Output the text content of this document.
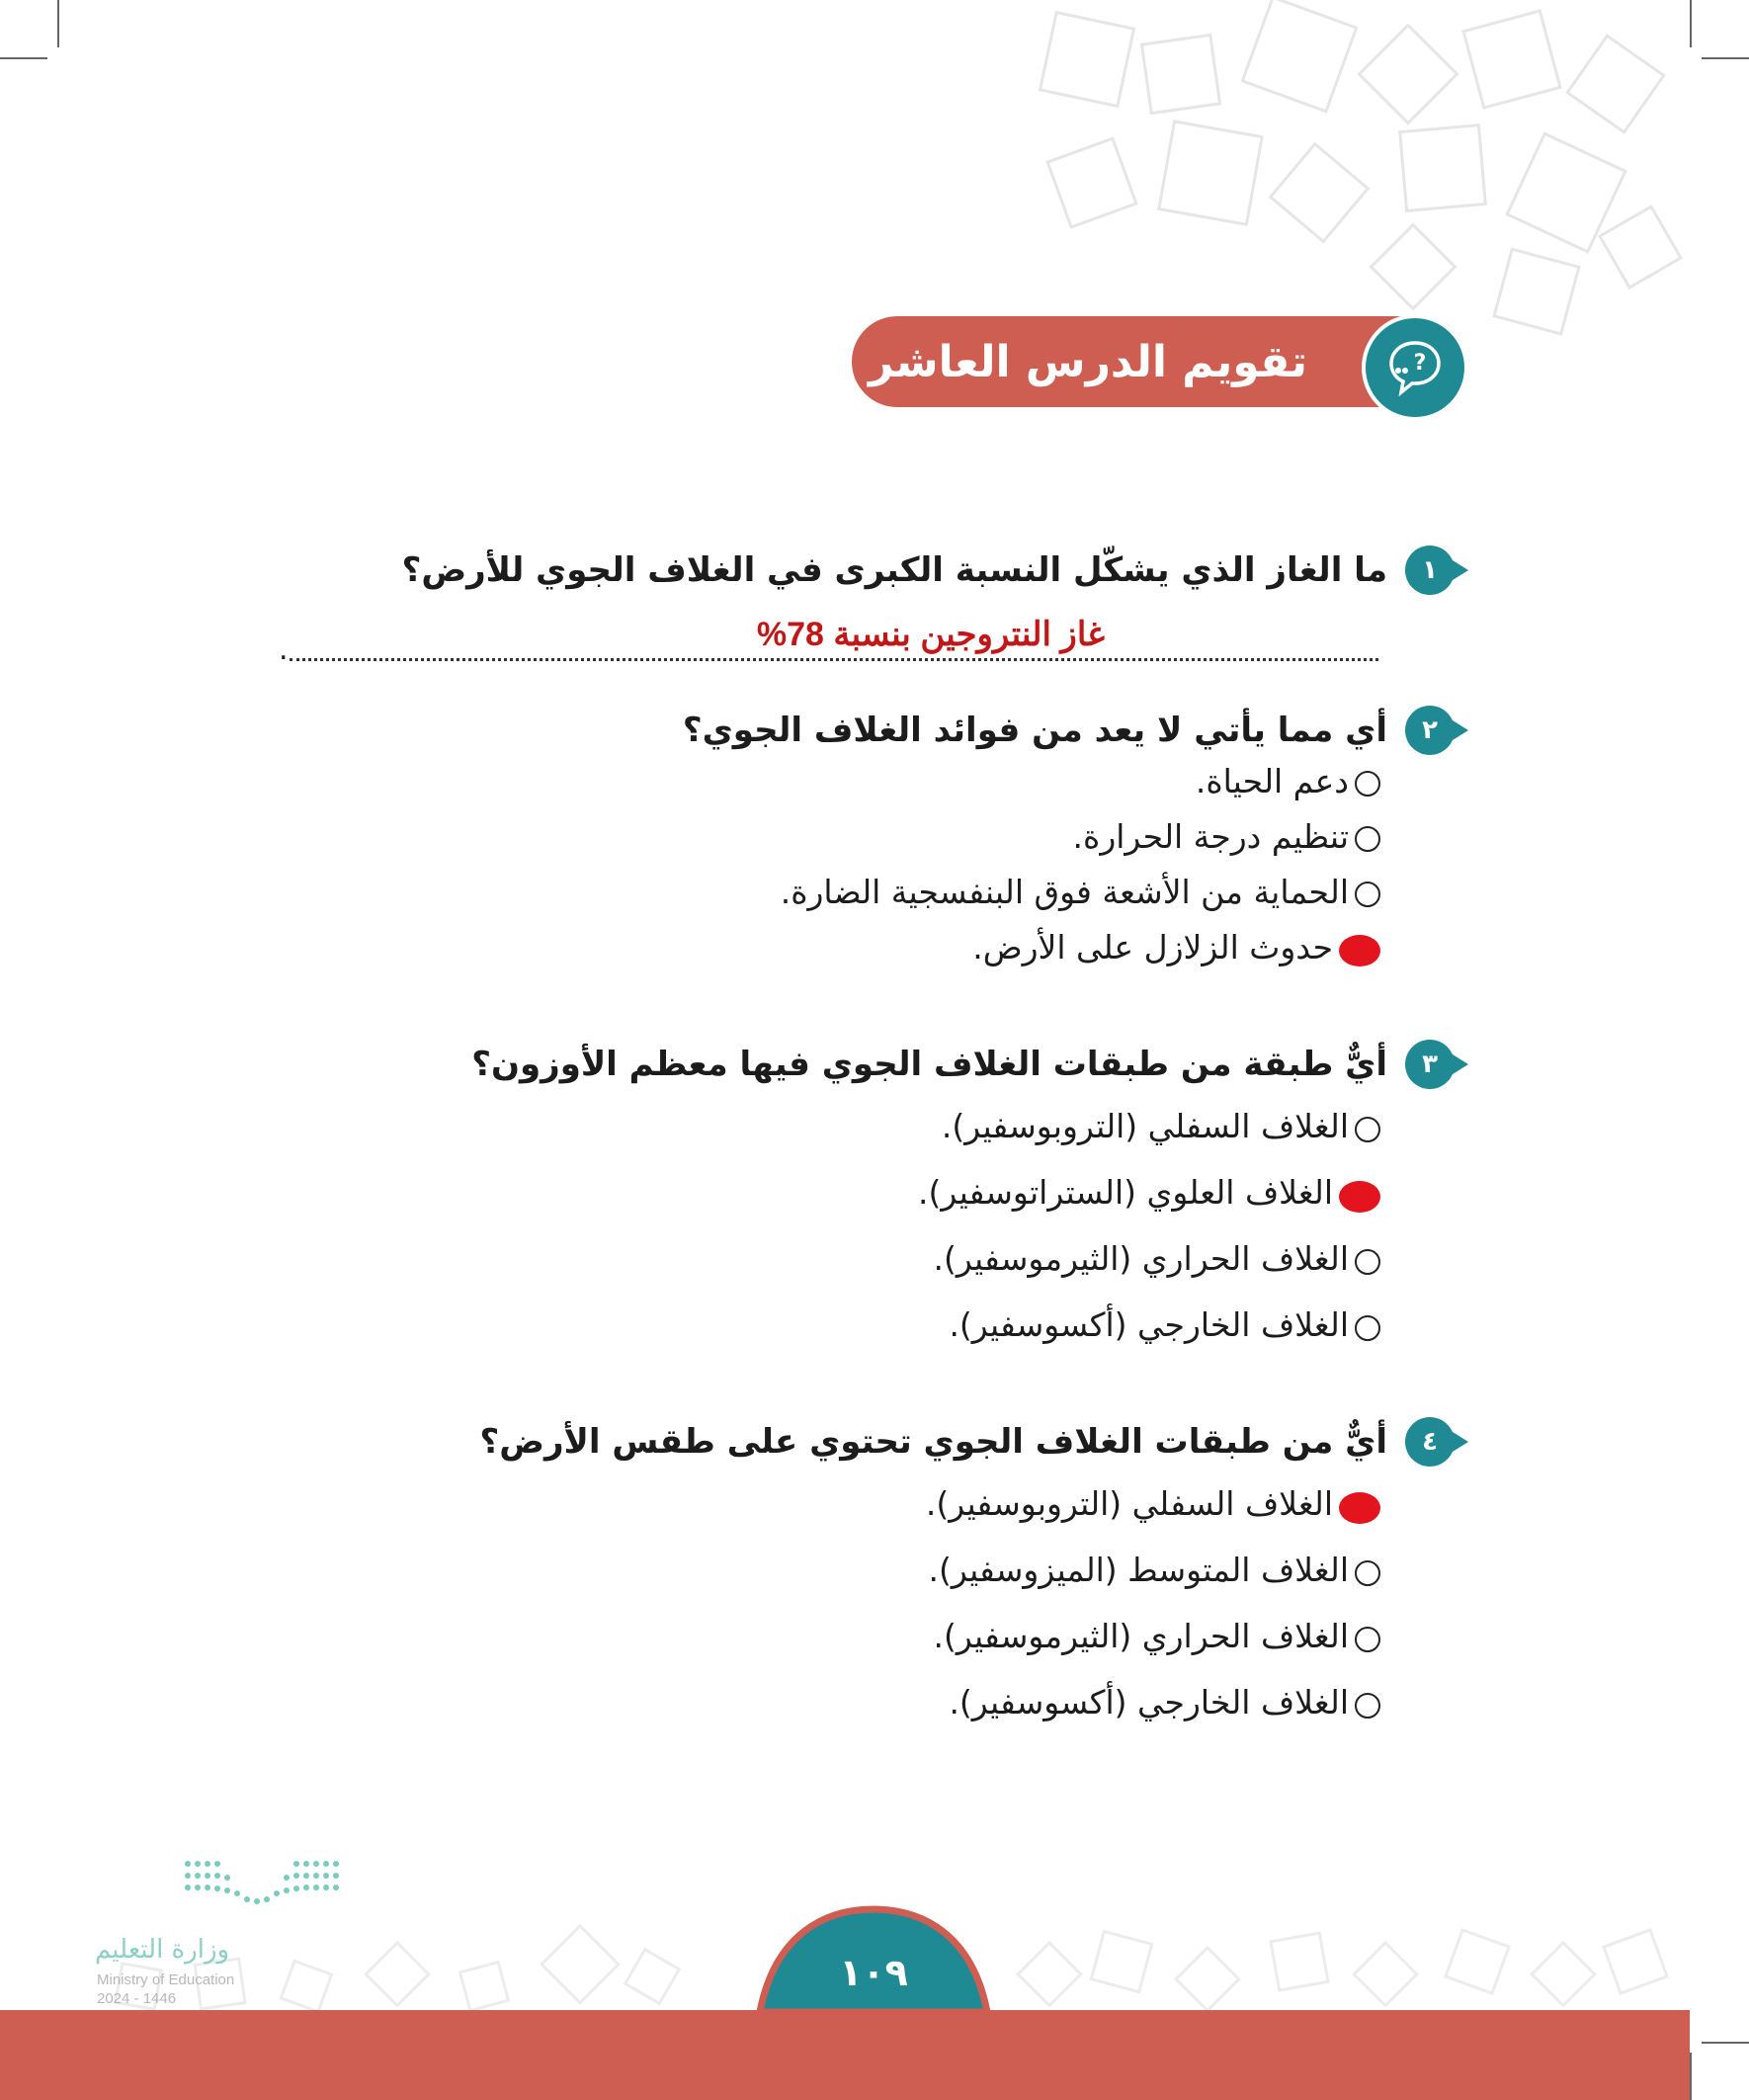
تقويم الدرس العاشر	?
١
ما الغاز الذي يشكّل النسبة الكبرى في الغلاف الجوي للأرض؟
غاز النتروجين بنسبة 78%
.
٢
أي مما يأتي لا يعد من فوائد الغلاف الجوي؟
دعم الحياة.
تنظيم درجة الحرارة.
الحماية من الأشعة فوق البنفسجية الضارة.
حدوث الزلازل على الأرض.
٣
أيٌّ طبقة من طبقات الغلاف الجوي فيها معظم الأوزون؟
الغلاف السفلي (التروبوسفير).
الغلاف العلوي (الستراتوسفير).
الغلاف الحراري (الثيرموسفير).
الغلاف الخارجي (أكسوسفير).
٤
أيٌّ من طبقات الغلاف الجوي تحتوي على طقس الأرض؟
الغلاف السفلي (التروبوسفير).
الغلاف المتوسط (الميزوسفير).
الغلاف الحراري (الثيرموسفير).
الغلاف الخارجي (أكسوسفير).
وزارة التعليم
Ministry of Education
2024 - 1446
١٠٩
